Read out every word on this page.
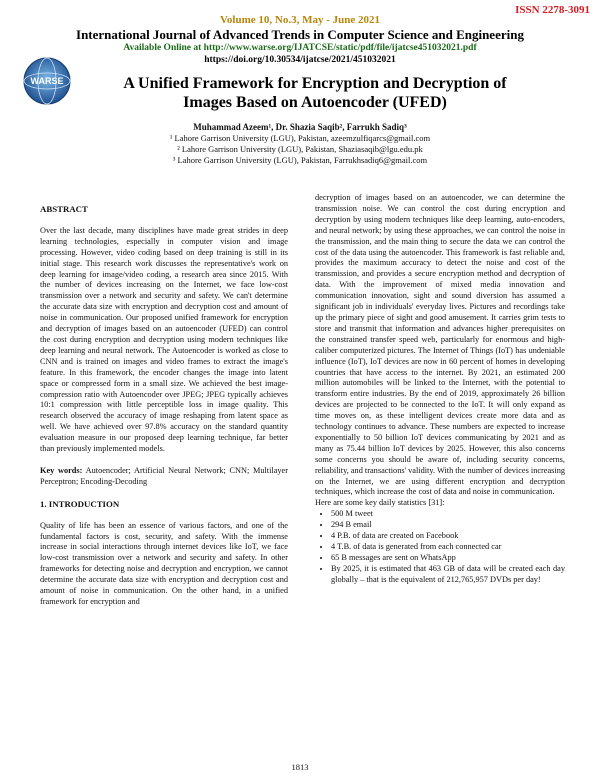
ISSN 2278-3091
Volume 10, No.3, May - June 2021
International Journal of Advanced Trends in Computer Science and Engineering
Available Online at http://www.warse.org/IJATCSE/static/pdf/file/ijatcse451032021.pdf
https://doi.org/10.30534/ijatcse/2021/451032021
WARSE	A Unified Framework for Encryption and Decryption of
Images Based on Autoencoder (UFED)
Muhammad Azeem¹, Dr. Shazia Saqib², Farrukh Sadiq³
¹ Lahore Garrison University (LGU), Pakistan, azeemzulfiqarcs@gmail.com
² Lahore Garrison University (LGU), Pakistan, Shaziasaqib@lgu.edu.pk
³ Lahore Garrison University (LGU), Pakistan, Farrukhsadiq6@gmail.com

ABSTRACT

Over the last decade, many disciplines have made great strides in deep learning technologies, especially in computer vision and image processing. However, video coding based on deep training is still in its initial stage. This research work discusses the representative's work on deep learning for image/video coding, a research area since 2015. With the number of devices increasing on the Internet, we face low-cost transmission over a network and security and safety. We can't determine the accurate data size with encryption and decryption cost and amount of noise in communication. Our proposed unified framework for encryption and decryption of images based on an autoencoder (UFED) can control the cost during encryption and decryption using modern techniques like deep learning and neural network. The Autoencoder is worked as close to CNN and is trained on images and video frames to extract the image's feature. In this framework, the encoder changes the image into latent space or compressed form in a small size. We achieved the best image-compression ratio with Autoencoder over JPEG; JPEG typically achieves 10:1 compression with little perceptible loss in image quality. This research observed the accuracy of image reshaping from latent space as well. We have achieved over 97.8% accuracy on the standard quantity evaluation measure in our proposed deep learning technique, far better than previously implemented models.

Key words: Autoencoder; Artificial Neural Network; CNN; Multilayer Perceptron; Encoding-Decoding

1. INTRODUCTION

Quality of life has been an essence of various factors, and one of the fundamental factors is cost, security, and safety. With the immense increase in social interactions through internet devices like IoT, we face low-cost transmission over a network and security and safety. In other frameworks for detecting noise and decryption and encryption, we cannot determine the accurate data size with encryption and decryption cost and amount of noise in communication. On the other hand, in a unified framework for encryption and

decryption of images based on an autoencoder, we can determine the transmission noise. We can control the cost during encryption and decryption by using modern techniques like deep learning, auto-encoders, and neural network; by using these approaches, we can control the noise in the transmission, and the main thing to secure the data we can control the cost of the data using the autoencoder. This framework is fast reliable and, provides the maximum accuracy to detect the noise and cost of the transmission, and provides a secure encryption method and decryption of data. With the improvement of mixed media innovation and communication innovation, sight and sound diversion has assumed a significant job in individuals' everyday lives. Pictures and recordings take up the primary piece of sight and good amusement. It carries grim tests to store and transmit that information and advances higher prerequisites on the constrained transfer speed web, particularly for enormous and high-caliber computerized pictures. The Internet of Things (IoT) has undeniable influence (IoT), IoT devices are now in 60 percent of homes in developing countries that have access to the internet. By 2021, an estimated 200 million automobiles will be linked to the Internet, with the potential to transform entire industries. By the end of 2019, approximately 26 billion devices are projected to be connected to the IoT. It will only expand as time moves on, as these intelligent devices create more data and as technology continues to advance. These numbers are expected to increase exponentially to 50 billion IoT devices communicating by 2021 and as many as 75.44 billion IoT devices by 2025. However, this also concerns some concerns you should be aware of, including security concerns, reliability, and transactions' validity. With the number of devices increasing on the Internet, we are using different encryption and decryption techniques, which increase the cost of data and noise in communication.

Here are some key daily statistics [31]:

• 500 M tweet
• 294 B email
• 4 P.B. of data are created on Facebook
• 4 T.B. of data is generated from each connected car
• 65 B messages are sent on WhatsApp
• By 2025, it is estimated that 463 GB of data will be created each day globally – that is the equivalent of 212,765,957 DVDs per day!
1813
